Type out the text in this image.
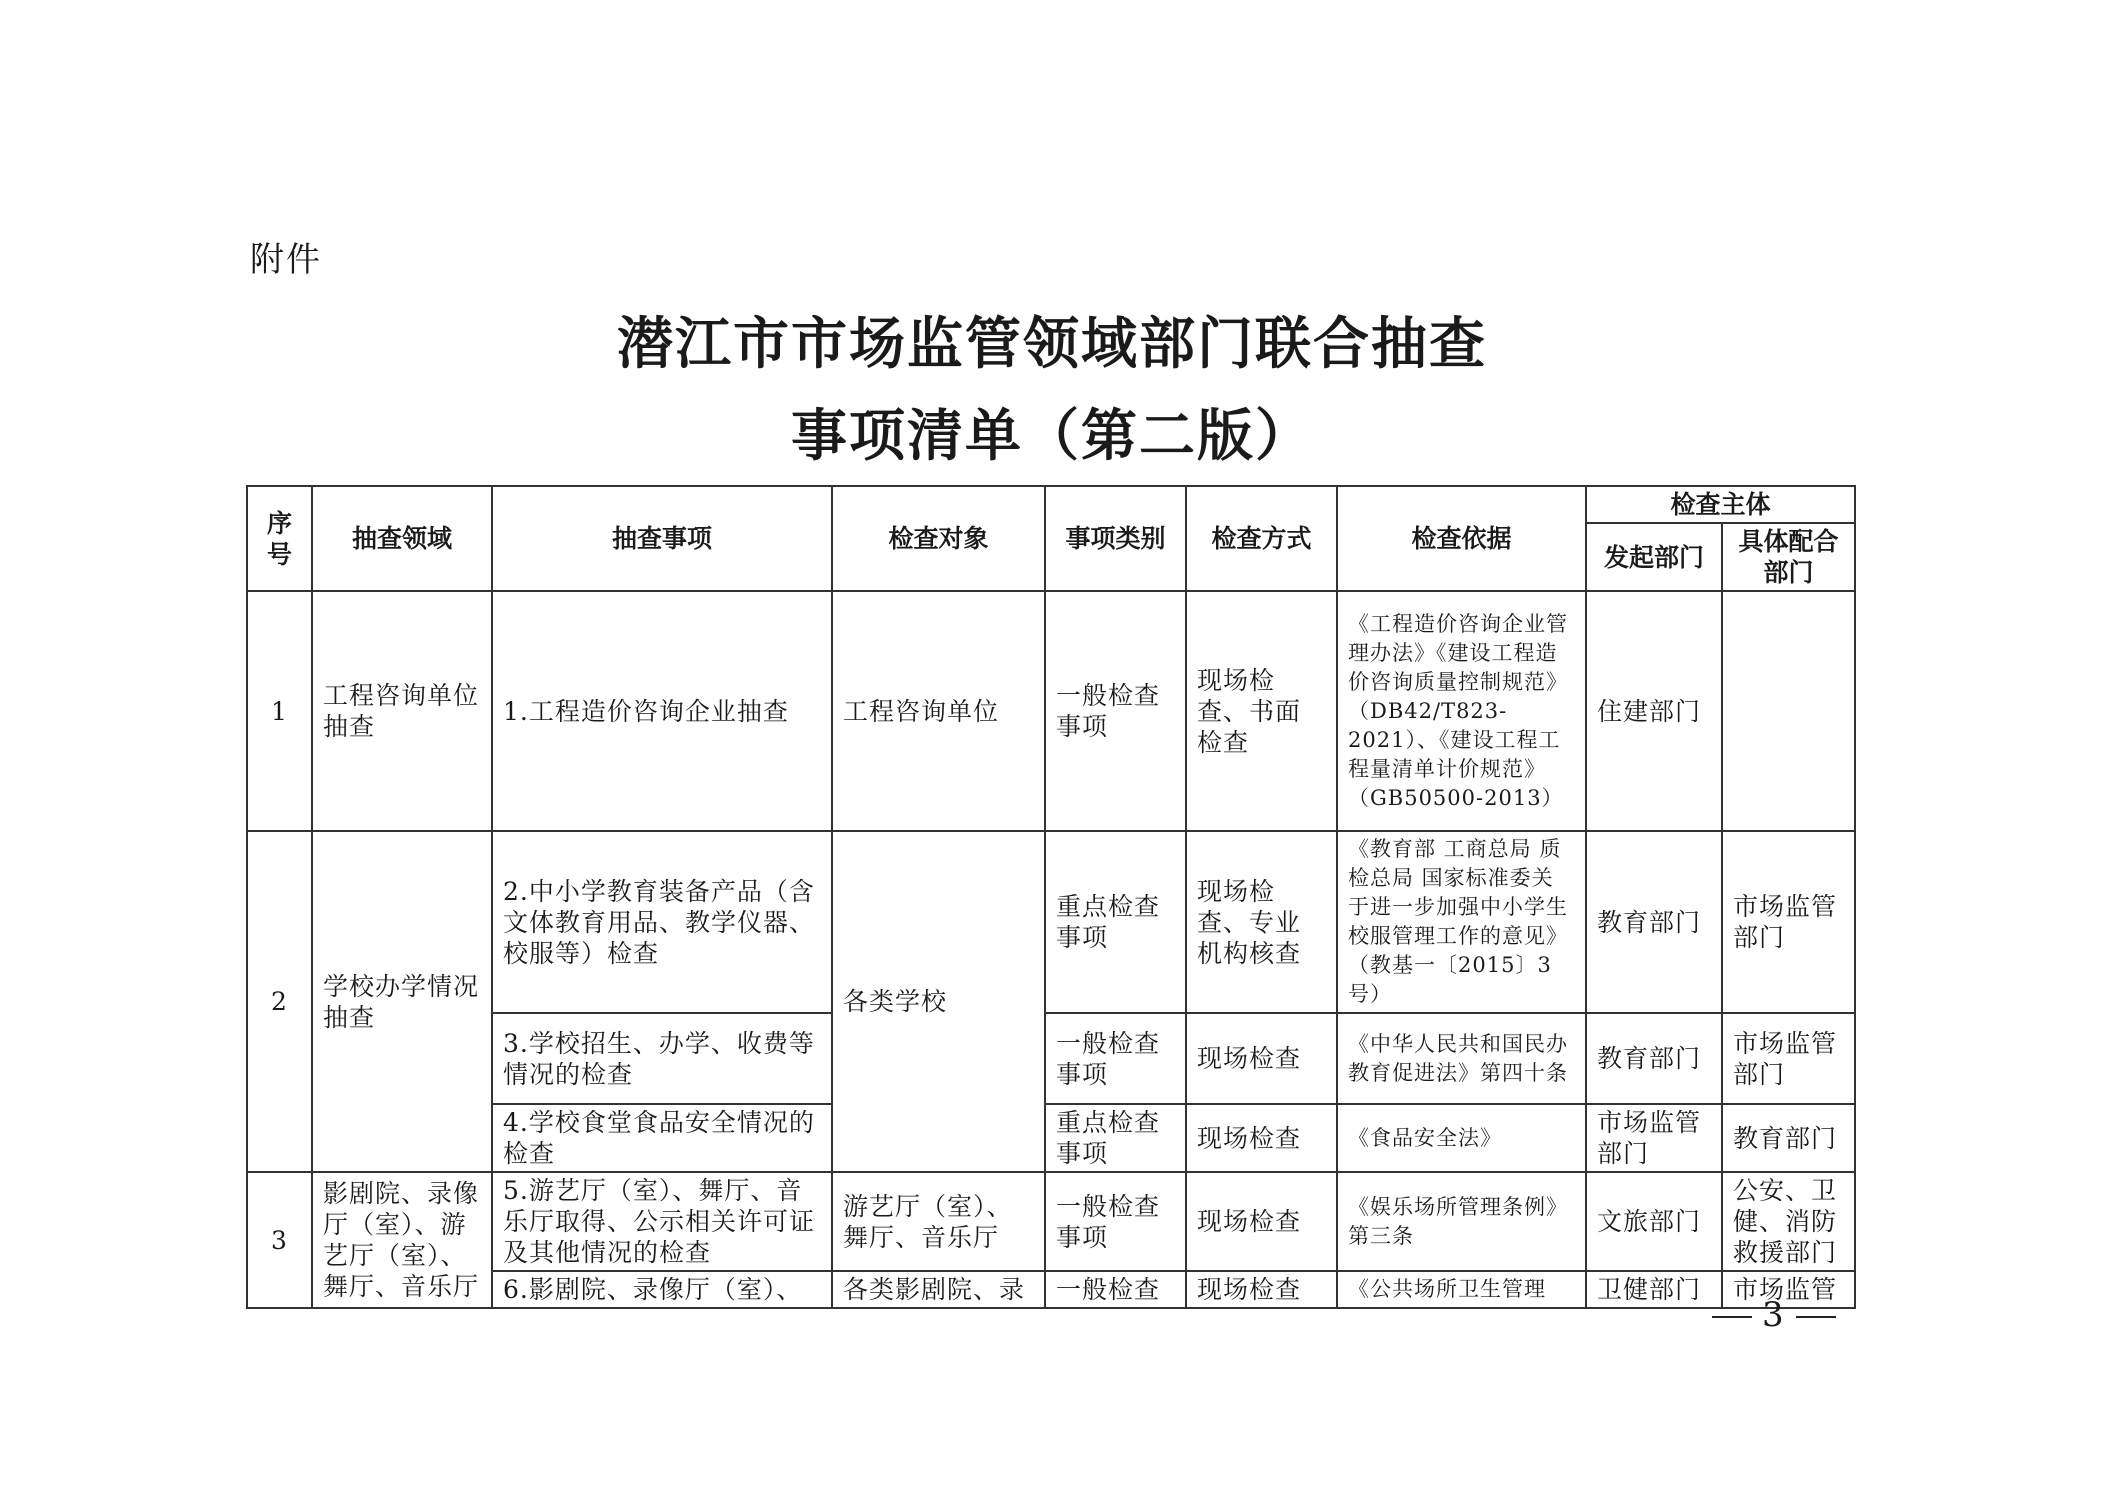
附件
潜江市市场监管领域部门联合抽查
事项清单（第二版）
序号	抽查领域	抽查事项	检查对象	事项类别	检查方式	检查依据	检查主体	
							发起部门	具体配合部门
1	工程咨询单位抽查	1.工程造价咨询企业抽查	工程咨询单位	一般检查事项	现场检查、书面检查	《工程造价咨询企业管理办法》《建设工程造价咨询质量控制规范》（DB42/T823-2021）、《建设工程工程量清单计价规范》（GB50500-2013）	住建部门	
2	学校办学情况抽查	2.中小学教育装备产品（含文体教育用品、教学仪器、校服等）检查	各类学校	重点检查事项	现场检查、专业机构核查	《教育部 工商总局 质检总局 国家标准委关于进一步加强中小学生校服管理工作的意见》（教基一〔2015〕3号）	教育部门	市场监管部门
		3.学校招生、办学、收费等情况的检查		一般检查事项	现场检查	《中华人民共和国民办教育促进法》第四十条	教育部门	市场监管部门
		4.学校食堂食品安全情况的检查		重点检查事项	现场检查	《食品安全法》	市场监管部门	教育部门
3	影剧院、录像厅（室）、游艺厅（室）、舞厅、音乐厅	5.游艺厅（室）、舞厅、音乐厅取得、公示相关许可证及其他情况的检查	游艺厅（室）、舞厅、音乐厅	一般检查事项	现场检查	《娱乐场所管理条例》第三条	文旅部门	公安、卫健、消防救援部门
		6.影剧院、录像厅（室）、	各类影剧院、录	一般检查	现场检查	《公共场所卫生管理	卫健部门	市场监管
3
